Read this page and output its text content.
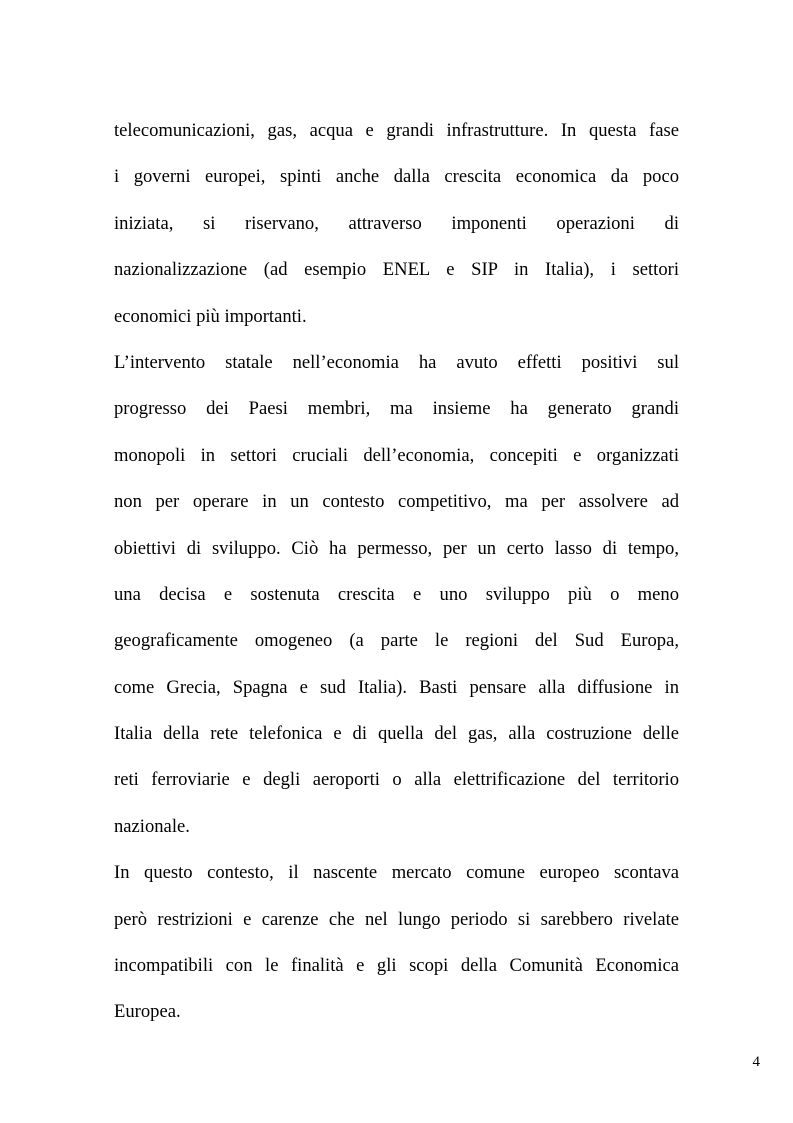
telecomunicazioni, gas, acqua e grandi infrastrutture. In questa fase
i governi europei, spinti anche dalla crescita economica da poco
iniziata, si riservano, attraverso imponenti operazioni di
nazionalizzazione (ad esempio ENEL e SIP in Italia), i settori
economici più importanti.
L’intervento statale nell’economia ha avuto effetti positivi sul
progresso dei Paesi membri, ma insieme ha generato grandi
monopoli in settori cruciali dell’economia, concepiti e organizzati
non per operare in un contesto competitivo, ma per assolvere ad
obiettivi di sviluppo. Ciò ha permesso, per un certo lasso di tempo,
una decisa e sostenuta crescita e uno sviluppo più o meno
geograficamente omogeneo (a parte le regioni del Sud Europa,
come Grecia, Spagna e sud Italia). Basti pensare alla diffusione in
Italia della rete telefonica e di quella del gas, alla costruzione delle
reti ferroviarie e degli aeroporti o alla elettrificazione del territorio
nazionale.
In questo contesto, il nascente mercato comune europeo scontava
però restrizioni e carenze che nel lungo periodo si sarebbero rivelate
incompatibili con le finalità e gli scopi della Comunità Economica
Europea.
4
